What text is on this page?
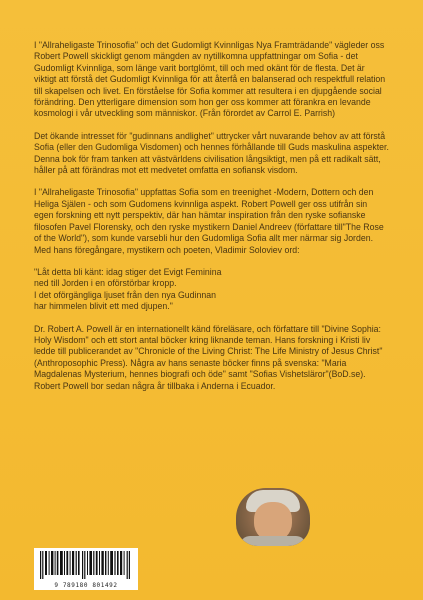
I "Allraheligaste Trinosofia" och det Gudomligt Kvinnligas Nya Framträdande" vägleder oss Robert Powell skickligt genom mängden av nytillkomna uppfattningar om Sofia - det Gudomligt Kvinnliga, som länge varit bortglömt, till och med okänt för de flesta. Det är viktigt att förstå det Gudomligt Kvinnliga för att återfå en balanserad och respektfull relation till skapelsen och livet. En förståelse för Sofia kommer att resultera i en djupgående social förändring. Den ytterligare dimension som hon ger oss kommer att förankra en levande kosmologi i vår utveckling som människor. (Från förordet av Carrol E. Parrish)

Det ökande intresset för "gudinnans andlighet" uttrycker vårt nuvarande behov av att förstå Sofia (eller den Gudomliga Visdomen) och hennes förhållande till Guds maskulina aspekter. Denna bok för fram tanken att västvärldens civilisation långsiktigt, men på ett radikalt sätt, håller på att förändras mot ett medvetet omfatta en sofiansk visdom.

I "Allraheligaste Trinosofia" uppfattas Sofia som en treenighet -Modern, Dottern och den Heliga Själen - och som Gudomens kvinnliga aspekt. Robert Powell ger oss utifrån sin egen forskning ett nytt perspektiv, där han hämtar inspiration från den ryske sofianske filosofen Pavel Florensky, och den ryske mystikern Daniel Andreev (författare till"The Rose of the World"), som kunde varsebli hur den Gudomliga Sofia allt mer närmar sig Jorden. Med hans föregångare, mystikern och poeten, Vladimir Soloviev ord:

"Låt detta bli känt: idag stiger det Evigt Feminina
ned till Jorden i en oförstörbar kropp.
I det oförgängliga ljuset från den nya Gudinnan
har himmelen blivit ett med djupen."

Dr. Robert A. Powell är en internationellt känd föreläsare, och författare till "Divine Sophia: Holy Wisdom" och ett stort antal böcker kring liknande teman. Hans forskning i Kristi liv ledde till publicerandet av "Chronicle of the Living Christ: The Life Ministry of Jesus Christ" (Anthroposophic Press). Några av hans senaste böcker finns på svenska: "Maria Magdalenas Mysterium, hennes biografi och öde" samt "Sofias Vishetsläror"(BoD.se). Robert Powell bor sedan några år tillbaka i Anderna i Ecuador.

9 789180 801492
